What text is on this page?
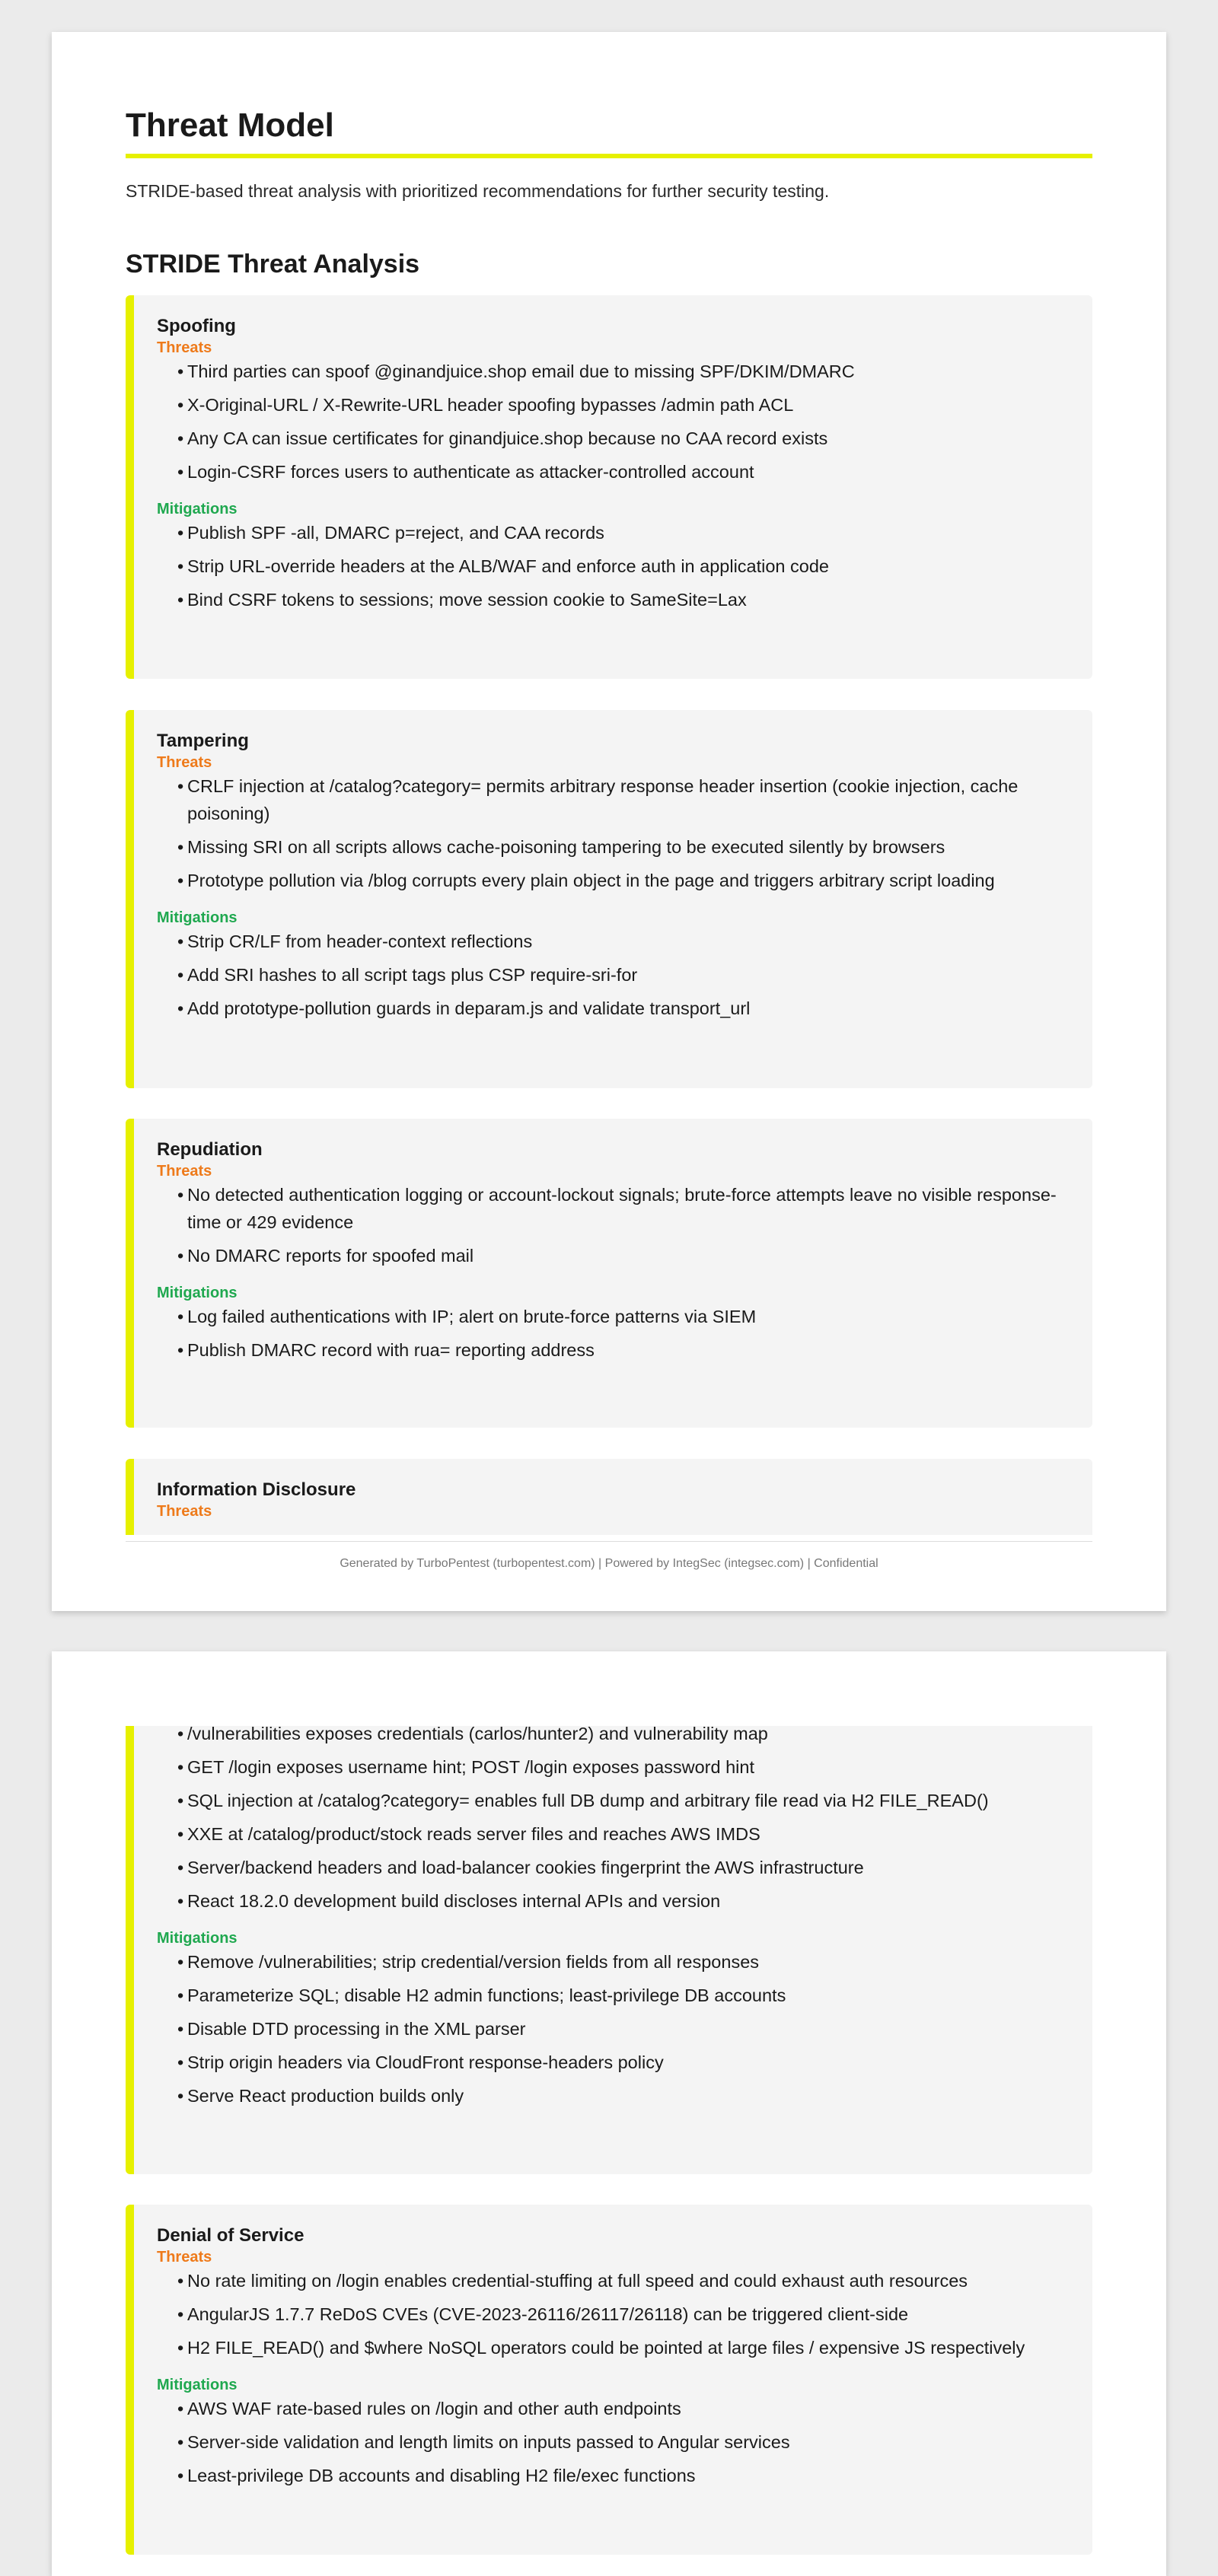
Threat Model

STRIDE-based threat analysis with prioritized recommendations for further security testing.

STRIDE Threat Analysis
Spoofing

Threats

• Third parties can spoof @ginandjuice.shop email due to missing SPF/DKIM/DMARC
• X-Original-URL / X-Rewrite-URL header spoofing bypasses /admin path ACL
• Any CA can issue certificates for ginandjuice.shop because no CAA record exists
• Login-CSRF forces users to authenticate as attacker-controlled account

Mitigations

• Publish SPF -all, DMARC p=reject, and CAA records
• Strip URL-override headers at the ALB/WAF and enforce auth in application code
• Bind CSRF tokens to sessions; move session cookie to SameSite=Lax
Tampering

Threats

• CRLF injection at /catalog?category= permits arbitrary response header insertion (cookie injection, cache poisoning)
• Missing SRI on all scripts allows cache-poisoning tampering to be executed silently by browsers
• Prototype pollution via /blog corrupts every plain object in the page and triggers arbitrary script loading

Mitigations

• Strip CR/LF from header-context reflections
• Add SRI hashes to all script tags plus CSP require-sri-for
• Add prototype-pollution guards in deparam.js and validate transport_url
Repudiation

Threats

• No detected authentication logging or account-lockout signals; brute-force attempts leave no visible response-time or 429 evidence
• No DMARC reports for spoofed mail

Mitigations

• Log failed authentications with IP; alert on brute-force patterns via SIEM
• Publish DMARC record with rua= reporting address
Information Disclosure

Threats

Generated by TurboPentest (turbopentest.com) | Powered by IntegSec (integsec.com) | Confidential
• /vulnerabilities exposes credentials (carlos/hunter2) and vulnerability map
• GET /login exposes username hint; POST /login exposes password hint
• SQL injection at /catalog?category= enables full DB dump and arbitrary file read via H2 FILE_READ()
• XXE at /catalog/product/stock reads server files and reaches AWS IMDS
• Server/backend headers and load-balancer cookies fingerprint the AWS infrastructure
• React 18.2.0 development build discloses internal APIs and version

Mitigations

• Remove /vulnerabilities; strip credential/version fields from all responses
• Parameterize SQL; disable H2 admin functions; least-privilege DB accounts
• Disable DTD processing in the XML parser
• Strip origin headers via CloudFront response-headers policy
• Serve React production builds only
Denial of Service

Threats

• No rate limiting on /login enables credential-stuffing at full speed and could exhaust auth resources
• AngularJS 1.7.7 ReDoS CVEs (CVE-2023-26116/26117/26118) can be triggered client-side
• H2 FILE_READ() and $where NoSQL operators could be pointed at large files / expensive JS respectively

Mitigations

• AWS WAF rate-based rules on /login and other auth endpoints
• Server-side validation and length limits on inputs passed to Angular services
• Least-privilege DB accounts and disabling H2 file/exec functions
